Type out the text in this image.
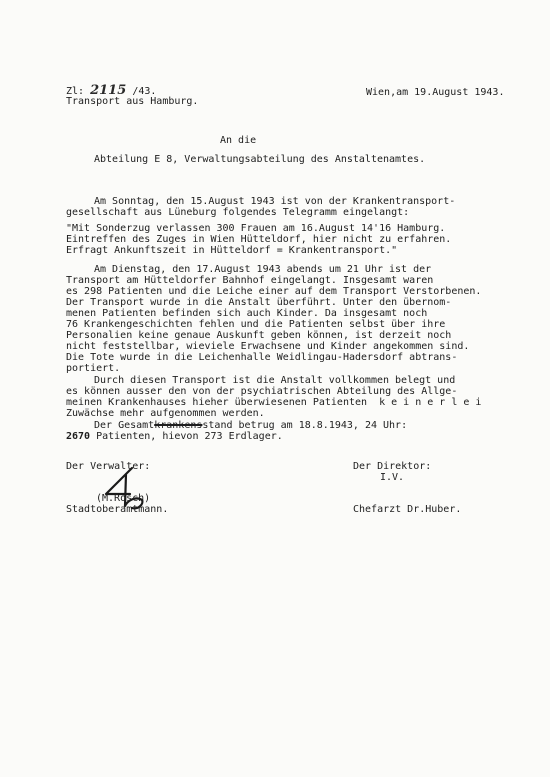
Zl: 2115 /43.
Transport aus Hamburg.
Wien,am 19.August 1943.
An die
Abteilung E 8, Verwaltungsabteilung des Anstaltenamtes.
Am Sonntag, den 15.August 1943 ist von der Krankentransport-
gesellschaft aus Lüneburg folgendes Telegramm eingelangt:
"Mit Sonderzug verlassen 300 Frauen am 16.August 14'16 Hamburg.
Eintreffen des Zuges in Wien Hütteldorf, hier nicht zu erfahren.
Erfragt Ankunftszeit in Hütteldorf = Krankentransport."
Am Dienstag, den 17.August 1943 abends um 21 Uhr ist der
Transport am Hütteldorfer Bahnhof eingelangt. Insgesamt waren
es 298 Patienten und die Leiche einer auf dem Transport Verstorbenen.
Der Transport wurde in die Anstalt überführt. Unter den übernom-
menen Patienten befinden sich auch Kinder. Da insgesamt noch
76 Krankengeschichten fehlen und die Patienten selbst über ihre
Personalien keine genaue Auskunft geben können, ist derzeit noch
nicht feststellbar, wieviele Erwachsene und Kinder angekommen sind.
Die Tote wurde in die Leichenhalle Weidlingau-Hadersdorf abtrans-
portiert.
Durch diesen Transport ist die Anstalt vollkommen belegt und
es können ausser den von der psychiatrischen Abteilung des Allge-
meinen Krankenhauses hieher überwiesenen Patienten  k e i n e r l e i
Zuwächse mehr aufgenommen werden.
Der Gesamtkrankensstand betrug am 18.8.1943, 24 Uhr:
2670 Patienten, hievon 273 Erdlager.
Der Verwalter:
(M.Rösch)
Stadtoberamtmann.
Der Direktor:
I.V.
Chefarzt Dr.Huber.
